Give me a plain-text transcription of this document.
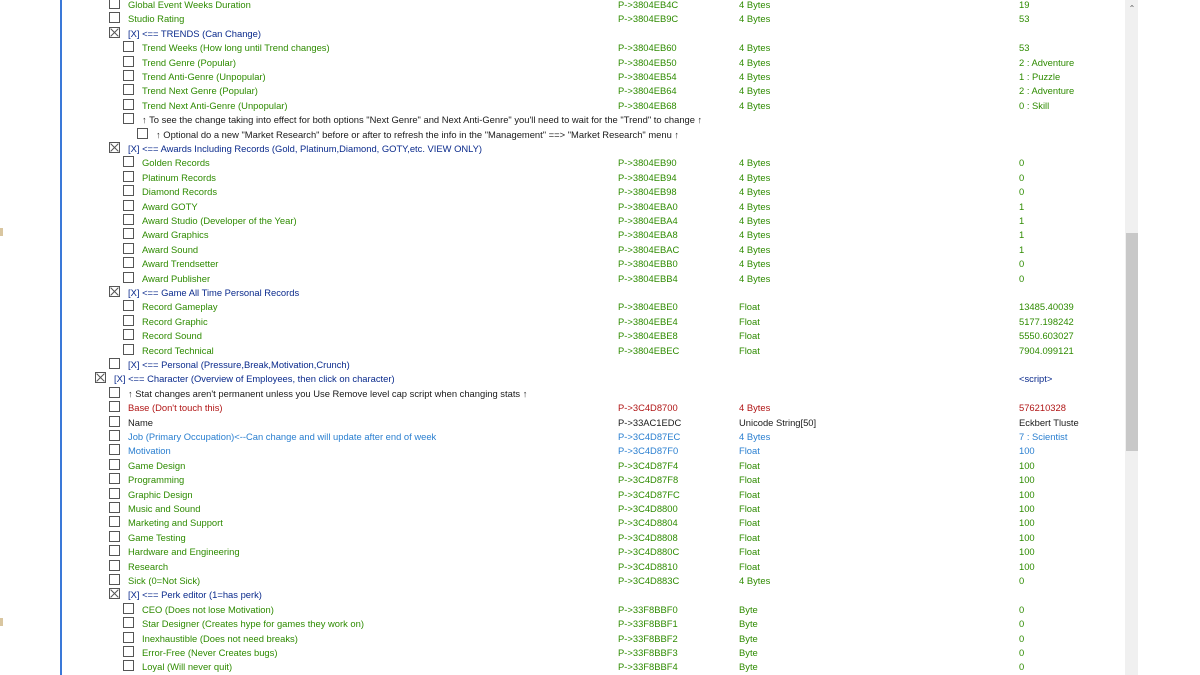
Global Event Weeks Duration	P->3804EB4C	4 Bytes	19
Studio Rating	P->3804EB9C	4 Bytes	53
[X] <== TRENDS (Can Change)
Trend Weeks (How long until Trend changes)	P->3804EB60	4 Bytes	53
Trend Genre (Popular)	P->3804EB50	4 Bytes	2 : Adventure
Trend Anti-Genre (Unpopular)	P->3804EB54	4 Bytes	1 : Puzzle
Trend Next Genre (Popular)	P->3804EB64	4 Bytes	2 : Adventure
Trend Next Anti-Genre (Unpopular)	P->3804EB68	4 Bytes	0 : Skill
↑ To see the change taking into effect for both options "Next Genre" and Next Anti-Genre" you'll need to wait for the "Trend" to change ↑
↑ Optional do a new "Market Research" before or after to refresh the info in the "Management" ==> "Market Research" menu ↑
[X] <== Awards Including Records (Gold, Platinum,Diamond, GOTY,etc. VIEW ONLY)
Golden Records	P->3804EB90	4 Bytes	0
Platinum Records	P->3804EB94	4 Bytes	0
Diamond Records	P->3804EB98	4 Bytes	0
Award GOTY	P->3804EBA0	4 Bytes	1
Award Studio (Developer of the Year)	P->3804EBA4	4 Bytes	1
Award Graphics	P->3804EBA8	4 Bytes	1
Award Sound	P->3804EBAC	4 Bytes	1
Award Trendsetter	P->3804EBB0	4 Bytes	0
Award Publisher	P->3804EBB4	4 Bytes	0
[X] <== Game All Time Personal Records
Record Gameplay	P->3804EBE0	Float	13485.40039
Record Graphic	P->3804EBE4	Float	5177.198242
Record Sound	P->3804EBE8	Float	5550.603027
Record Technical	P->3804EBEC	Float	7904.099121
[X] <== Personal (Pressure,Break,Motivation,Crunch)
[X] <== Character (Overview of Employees, then click on character)	<script>
↑ Stat changes aren't permanent unless you Use Remove level cap script when changing stats ↑
Base (Don't touch this)	P->3C4D8700	4 Bytes	576210328
Name	P->33AC1EDC	Unicode String[50]	Eckbert Tluste
Job (Primary Occupation)<--Can change and will update after end of week	P->3C4D87EC	4 Bytes	7 : Scientist
Motivation	P->3C4D87F0	Float	100
Game Design	P->3C4D87F4	Float	100
Programming	P->3C4D87F8	Float	100
Graphic Design	P->3C4D87FC	Float	100
Music and Sound	P->3C4D8800	Float	100
Marketing and Support	P->3C4D8804	Float	100
Game Testing	P->3C4D8808	Float	100
Hardware and Engineering	P->3C4D880C	Float	100
Research	P->3C4D8810	Float	100
Sick (0=Not Sick)	P->3C4D883C	4 Bytes	0
[X] <== Perk editor (1=has perk)
CEO (Does not lose Motivation)	P->33F8BBF0	Byte	0
Star Designer (Creates hype for games they work on)	P->33F8BBF1	Byte	0
Inexhaustible (Does not need breaks)	P->33F8BBF2	Byte	0
Error-Free (Never Creates bugs)	P->33F8BBF3	Byte	0
Loyal (Will never quit)	P->33F8BBF4	Byte	0
⌃
